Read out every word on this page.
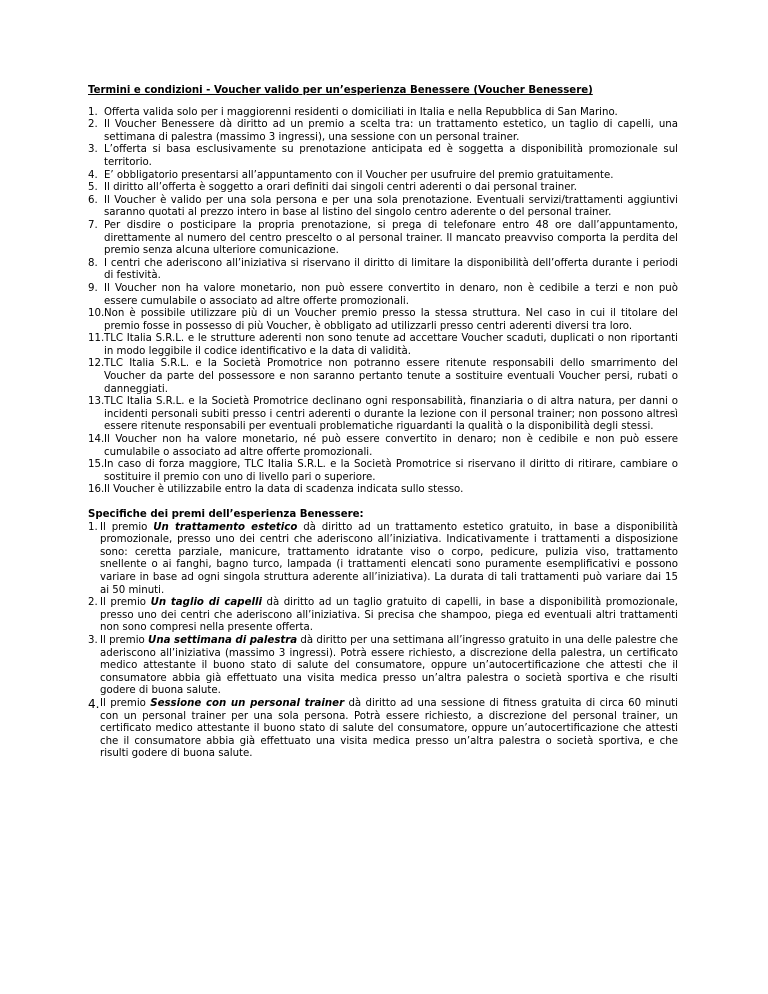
Termini e condizioni - Voucher valido per un’esperienza Benessere (Voucher Benessere)

1. Offerta valida solo per i maggiorenni residenti o domiciliati in Italia e nella Repubblica di San Marino.
2. Il Voucher Benessere dà diritto ad un premio a scelta tra: un trattamento estetico, un taglio di capelli, una settimana di palestra (massimo 3 ingressi), una sessione con un personal trainer.
3. L’offerta si basa esclusivamente su prenotazione anticipata ed è soggetta a disponibilità promozionale sul territorio.
4. E’ obbligatorio presentarsi all’appuntamento con il Voucher per usufruire del premio gratuitamente.
5. Il diritto all’offerta è soggetto a orari definiti dai singoli centri aderenti o dai personal trainer.
6. Il Voucher è valido per una sola persona e per una sola prenotazione. Eventuali servizi/trattamenti aggiuntivi saranno quotati al prezzo intero in base al listino del singolo centro aderente o del personal trainer.
7. Per disdire o posticipare la propria prenotazione, si prega di telefonare entro 48 ore dall’appuntamento, direttamente al numero del centro prescelto o al personal trainer. Il mancato preavviso comporta la perdita del premio senza alcuna ulteriore comunicazione.
8. I centri che aderiscono all’iniziativa si riservano il diritto di limitare la disponibilità dell’offerta durante i periodi di festività.
9. Il Voucher non ha valore monetario, non può essere convertito in denaro, non è cedibile a terzi e non può essere cumulabile o associato ad altre offerte promozionali.
10. Non è possibile utilizzare più di un Voucher premio presso la stessa struttura. Nel caso in cui il titolare del premio fosse in possesso di più Voucher, è obbligato ad utilizzarli presso centri aderenti diversi tra loro.
11. TLC Italia S.R.L. e le strutture aderenti non sono tenute ad accettare Voucher scaduti, duplicati o non riportanti in modo leggibile il codice identificativo e la data di validità.
12. TLC Italia S.R.L. e la Società Promotrice non potranno essere ritenute responsabili dello smarrimento del Voucher da parte del possessore e non saranno pertanto tenute a sostituire eventuali Voucher persi, rubati o danneggiati.
13. TLC Italia S.R.L. e la Società Promotrice declinano ogni responsabilità, finanziaria o di altra natura, per danni o incidenti personali subiti presso i centri aderenti o durante la lezione con il personal trainer; non possono altresì essere ritenute responsabili per eventuali problematiche riguardanti la qualità o la disponibilità degli stessi.
14. Il Voucher non ha valore monetario, né può essere convertito in denaro; non è cedibile e non può essere cumulabile o associato ad altre offerte promozionali.
15. In caso di forza maggiore, TLC Italia S.R.L. e la Società Promotrice si riservano il diritto di ritirare, cambiare o sostituire il premio con uno di livello pari o superiore.
16. Il Voucher è utilizzabile entro la data di scadenza indicata sullo stesso.

Specifiche dei premi dell’esperienza Benessere:

1. Il premio Un trattamento estetico dà diritto ad un trattamento estetico gratuito, in base a disponibilità promozionale, presso uno dei centri che aderiscono all’iniziativa. Indicativamente i trattamenti a disposizione sono: ceretta parziale, manicure, trattamento idratante viso o corpo, pedicure, pulizia viso, trattamento snellente o ai fanghi, bagno turco, lampada (i trattamenti elencati sono puramente esemplificativi e possono variare in base ad ogni singola struttura aderente all’iniziativa). La durata di tali trattamenti può variare dai 15 ai 50 minuti.
2. Il premio Un taglio di capelli dà diritto ad un taglio gratuito di capelli, in base a disponibilità promozionale, presso uno dei centri che aderiscono all’iniziativa. Si precisa che shampoo, piega ed eventuali altri trattamenti non sono compresi nella presente offerta.
3. Il premio Una settimana di palestra dà diritto per una settimana all’ingresso gratuito in una delle palestre che aderiscono all’iniziativa (massimo 3 ingressi). Potrà essere richiesto, a discrezione della palestra, un certificato medico attestante il buono stato di salute del consumatore, oppure un’autocertificazione che attesti che il consumatore abbia già effettuato una visita medica presso un’altra palestra o società sportiva e che risulti godere di buona salute.
4. Il premio Sessione con un personal trainer dà diritto ad una sessione di fitness gratuita di circa 60 minuti con un personal trainer per una sola persona. Potrà essere richiesto, a discrezione del personal trainer, un certificato medico attestante il buono stato di salute del consumatore, oppure un’autocertificazione che attesti che il consumatore abbia già effettuato una visita medica presso un’altra palestra o società sportiva, e che risulti godere di buona salute.
